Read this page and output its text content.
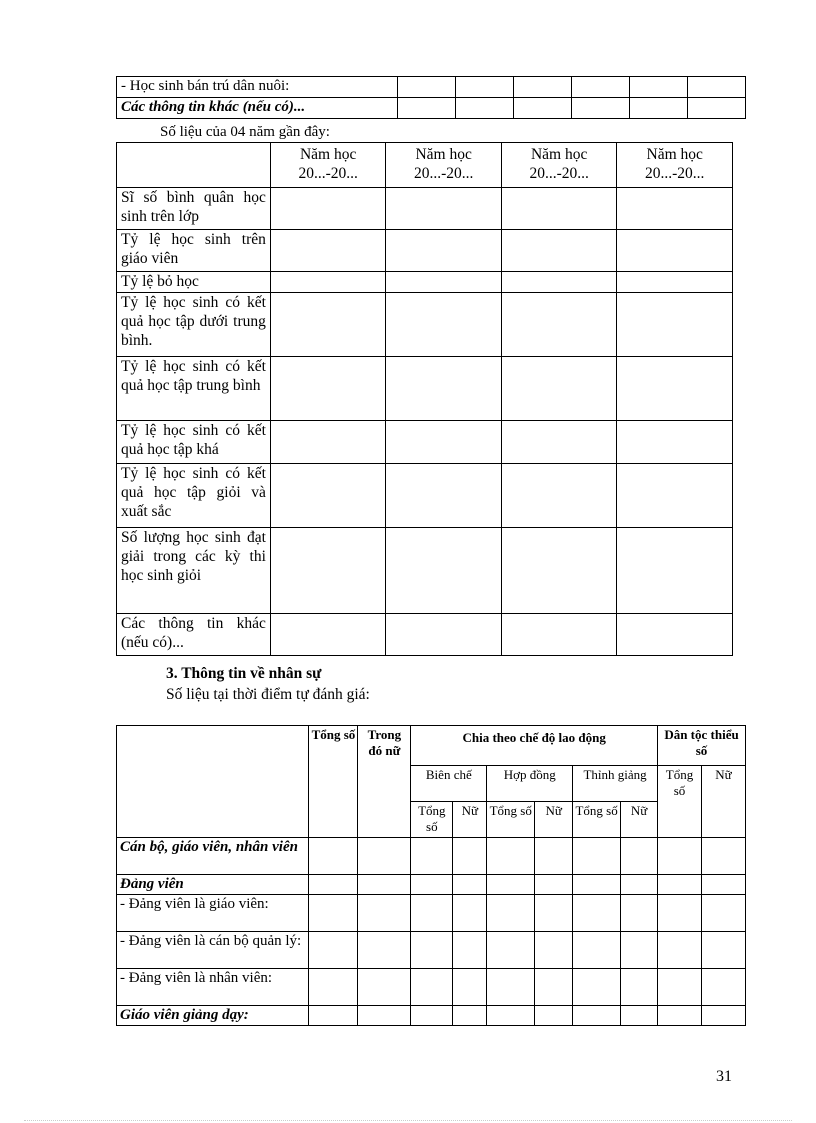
- Học sinh bán trú dân nuôi:						
Các thông tin khác (nếu có)...						
Số liệu của 04 năm gần đây:
	Năm học 20...-20...	Năm học 20...-20...	Năm học 20...-20...	Năm học 20...-20...
Sĩ số bình quân học sinh trên lớp				
Tỷ lệ học sinh trên giáo viên				
Tỷ lệ bỏ học				
Tỷ lệ học sinh có kết quả học tập dưới trung bình.				
Tỷ lệ học sinh có kết quả học tập trung bình				
Tỷ lệ học sinh có kết quả học tập khá				
Tỷ lệ học sinh có kết quả học tập giỏi và xuất sắc				
Số lượng học sinh đạt giải trong các kỳ thi học sinh giỏi				
Các thông tin khác (nếu có)...				
3. Thông tin về nhân sự
Số liệu tại thời điểm tự đánh giá:
	Tổng số	Trong đó nữ	Chia theo chế độ lao động						Dân tộc thiểu số	
			Biên chế		Hợp đồng		Thỉnh giảng		Tổng số	Nữ
			Tổng số	Nữ	Tổng số	Nữ	Tổng số	Nữ		
Cán bộ, giáo viên, nhân viên										
Đảng viên										
- Đảng viên là giáo viên:										
- Đảng viên là cán bộ quản lý:										
- Đảng viên là nhân viên:										
Giáo viên giảng dạy:										
31
